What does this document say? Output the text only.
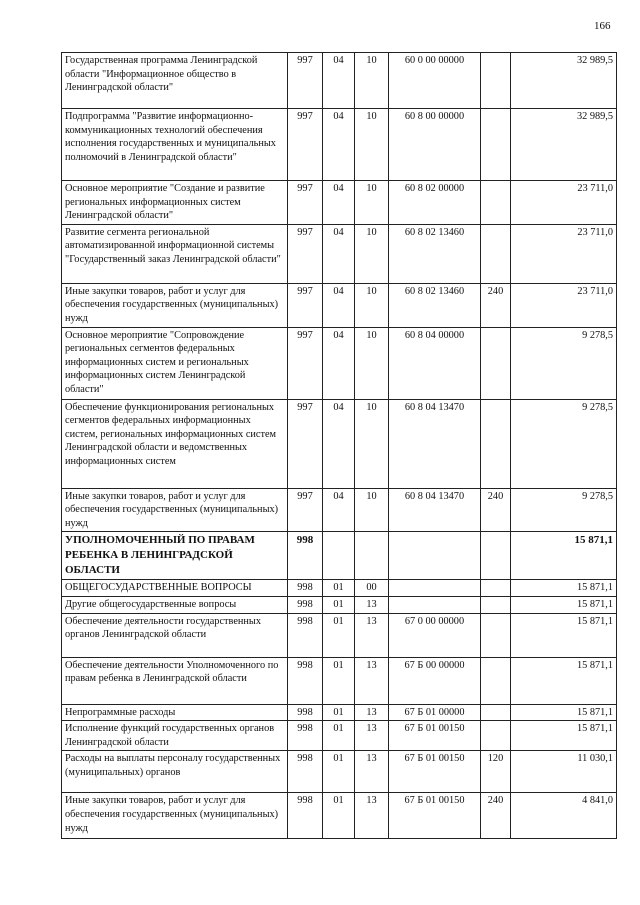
166
Государственная программа Ленинградской области "Информационное общество в Ленинградской области"	997	04	10	60 0 00 00000		32 989,5
Подпрограмма "Развитие информационно-коммуникационных технологий обеспечения исполнения государственных и муниципальных полномочий в Ленинградской области"	997	04	10	60 8 00 00000		32 989,5
Основное мероприятие "Создание и развитие региональных информационных систем Ленинградской области"	997	04	10	60 8 02 00000		23 711,0
Развитие сегмента региональной автоматизированной информационной системы "Государственный заказ Ленинградской области"	997	04	10	60 8 02 13460		23 711,0
Иные закупки товаров, работ и услуг для обеспечения государственных (муниципальных) нужд	997	04	10	60 8 02 13460	240	23 711,0
Основное мероприятие "Сопровождение региональных сегментов федеральных информационных систем и региональных информационных систем Ленинградской области"	997	04	10	60 8 04 00000		9 278,5
Обеспечение функционирования региональных сегментов федеральных информационных систем, региональных информационных систем Ленинградской области и ведомственных информационных систем	997	04	10	60 8 04 13470		9 278,5
Иные закупки товаров, работ и услуг для обеспечения государственных (муниципальных) нужд	997	04	10	60 8 04 13470	240	9 278,5
УПОЛНОМОЧЕННЫЙ ПО ПРАВАМ РЕБЕНКА В ЛЕНИНГРАДСКОЙ ОБЛАСТИ	998					15 871,1
ОБЩЕГОСУДАРСТВЕННЫЕ ВОПРОСЫ	998	01	00			15 871,1
Другие общегосударственные вопросы	998	01	13			15 871,1
Обеспечение деятельности государственных органов Ленинградской области	998	01	13	67 0 00 00000		15 871,1
Обеспечение деятельности Уполномоченного по правам ребенка в Ленинградской области	998	01	13	67 Б 00 00000		15 871,1
Непрограммные расходы	998	01	13	67 Б 01 00000		15 871,1
Исполнение функций государственных органов Ленинградской области	998	01	13	67 Б 01 00150		15 871,1
Расходы на выплаты персоналу государственных (муниципальных) органов	998	01	13	67 Б 01 00150	120	11 030,1
Иные закупки товаров, работ и услуг для обеспечения государственных (муниципальных) нужд	998	01	13	67 Б 01 00150	240	4 841,0
